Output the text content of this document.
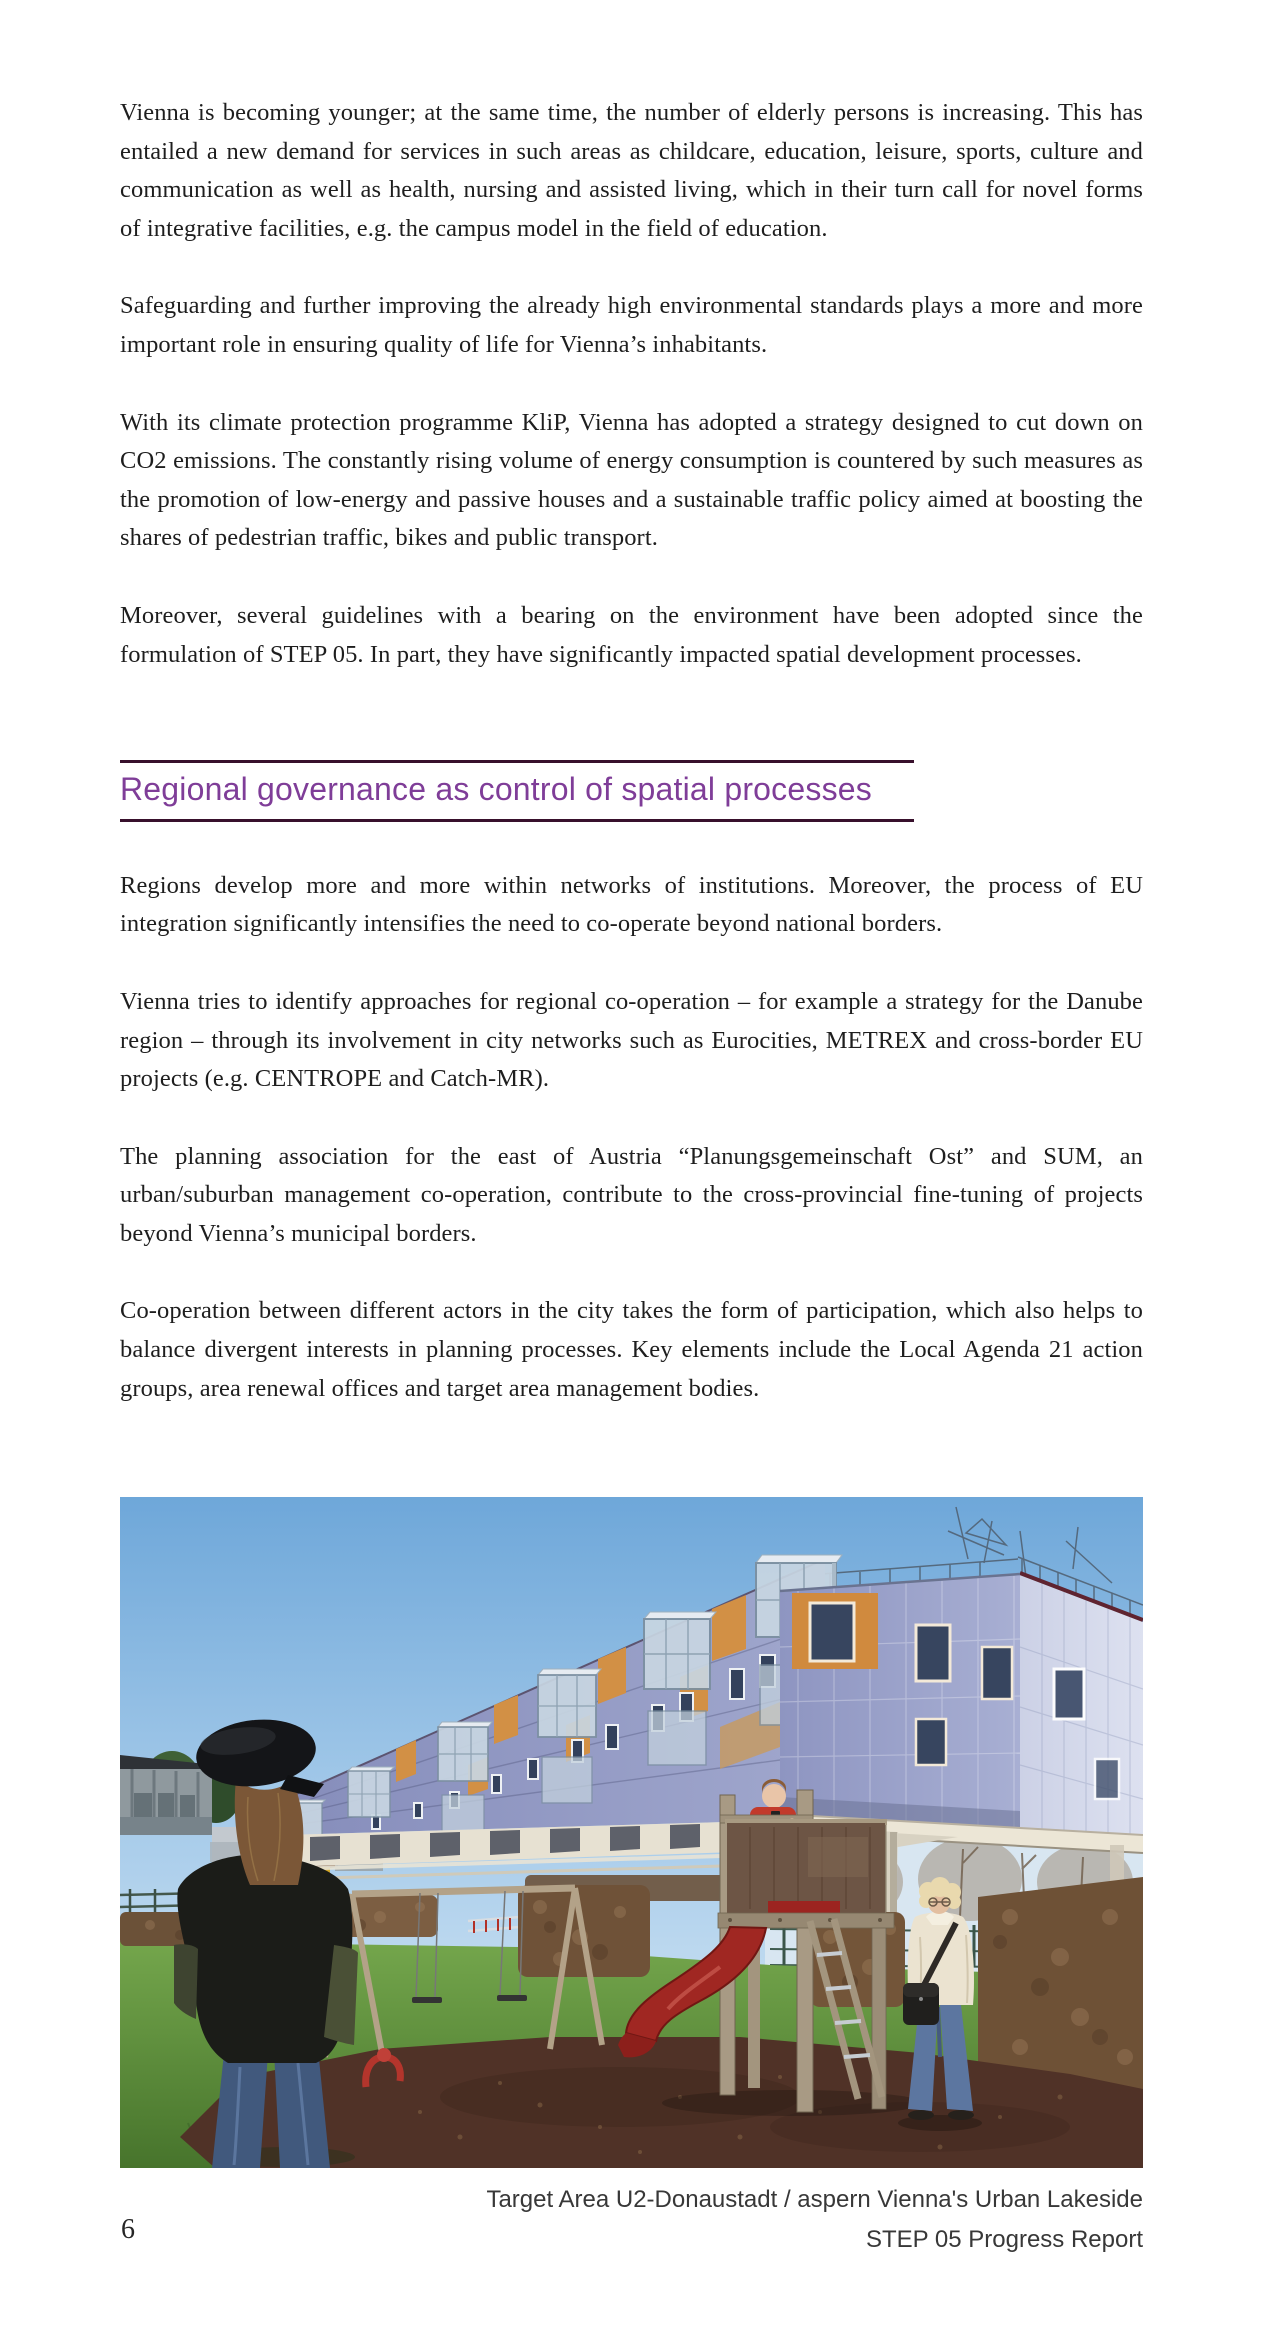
Vienna is becoming younger; at the same time, the number of elderly persons is increasing. This has entailed a new demand for services in such areas as childcare, education, leisure, sports, culture and communication as well as health, nursing and assisted living, which in their turn call for novel forms of integrative facilities, e.g. the campus model in the field of education.

Safeguarding and further improving the already high environmental standards plays a more and more important role in ensuring quality of life for Vienna’s inhabitants.

With its climate protection programme KliP, Vienna has adopted a strategy designed to cut down on CO2 emissions. The constantly rising volume of energy consumption is countered by such measures as the promotion of low-energy and passive houses and a sustainable traffic policy aimed at boosting the shares of pedestrian traffic, bikes and public transport.

Moreover, several guidelines with a bearing on the environment have been adopted since the formulation of STEP 05. In part, they have significantly impacted spatial development processes.

Regional governance as control of spatial processes

Regions develop more and more within networks of institutions. Moreover, the process of EU integration significantly intensifies the need to co-operate beyond national borders.

Vienna tries to identify approaches for regional co-operation – for example a strategy for the Danube region – through its involvement in city networks such as Eurocities, METREX and cross-border EU projects (e.g. CENTROPE and Catch-MR).

The planning association for the east of Austria “Planungsgemeinschaft Ost” and SUM, an urban/suburban management co-operation, contribute to the cross-provincial fine-tuning of projects beyond Vienna’s municipal borders.

Co-operation between different actors in the city takes the form of participation, which also helps to balance divergent interests in planning processes. Key elements include the Local Agenda 21 action groups, area renewal offices and target area management bodies.

Target Area U2-Donaustadt / aspern Vienna's Urban Lakeside
6	STEP 05 Progress Report
